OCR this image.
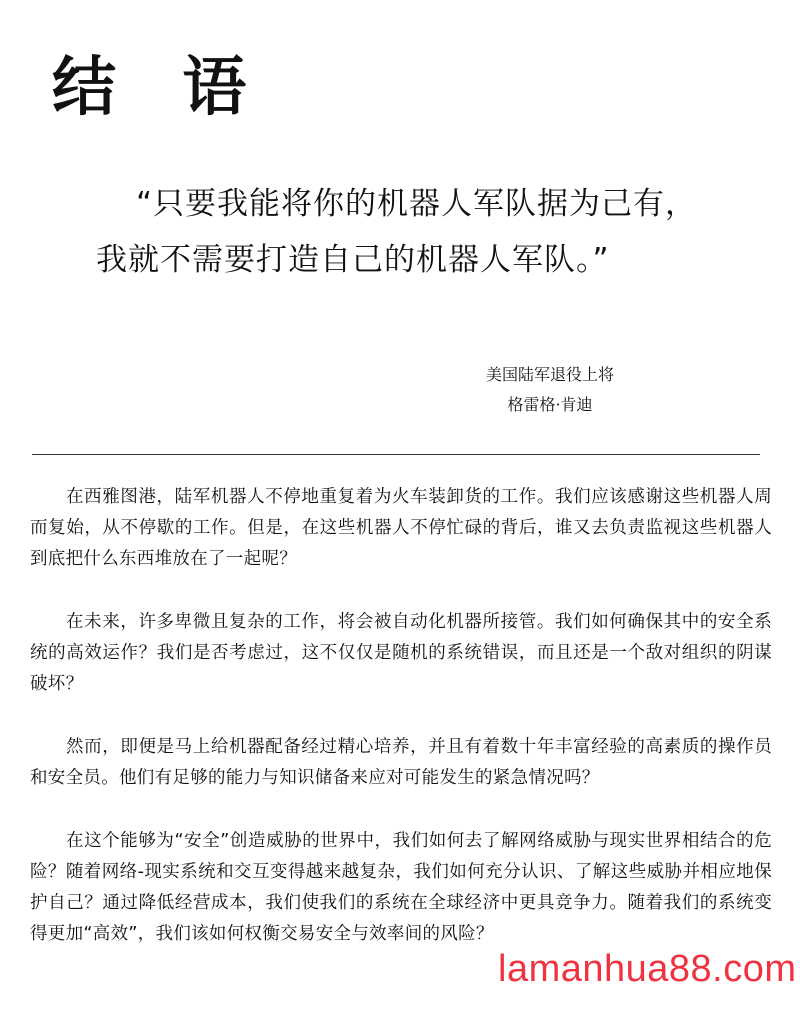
结 语
“只要我能将你的机器人军队据为己有，
我就不需要打造自己的机器人军队。”
美国陆军退役上将
格雷格·肯迪

在西雅图港，陆军机器人不停地重复着为火车装卸货的工作。我们应该感谢这些机器人周而复始，从不停歇的工作。但是，在这些机器人不停忙碌的背后，谁又去负责监视这些机器人到底把什么东西堆放在了一起呢？

在未来，许多卑微且复杂的工作，将会被自动化机器所接管。我们如何确保其中的安全系统的高效运作？我们是否考虑过，这不仅仅是随机的系统错误，而且还是一个敌对组织的阴谋破坏？

然而，即便是马上给机器配备经过精心培养，并且有着数十年丰富经验的高素质的操作员和安全员。他们有足够的能力与知识储备来应对可能发生的紧急情况吗？

在这个能够为“安全”创造威胁的世界中，我们如何去了解网络威胁与现实世界相结合的危险？随着网络-现实系统和交互变得越来越复杂，我们如何充分认识、了解这些威胁并相应地保护自己？通过降低经营成本，我们使我们的系统在全球经济中更具竞争力。随着我们的系统变得更加“高效”，我们该如何权衡交易安全与效率间的风险？

lamanhua88.com
